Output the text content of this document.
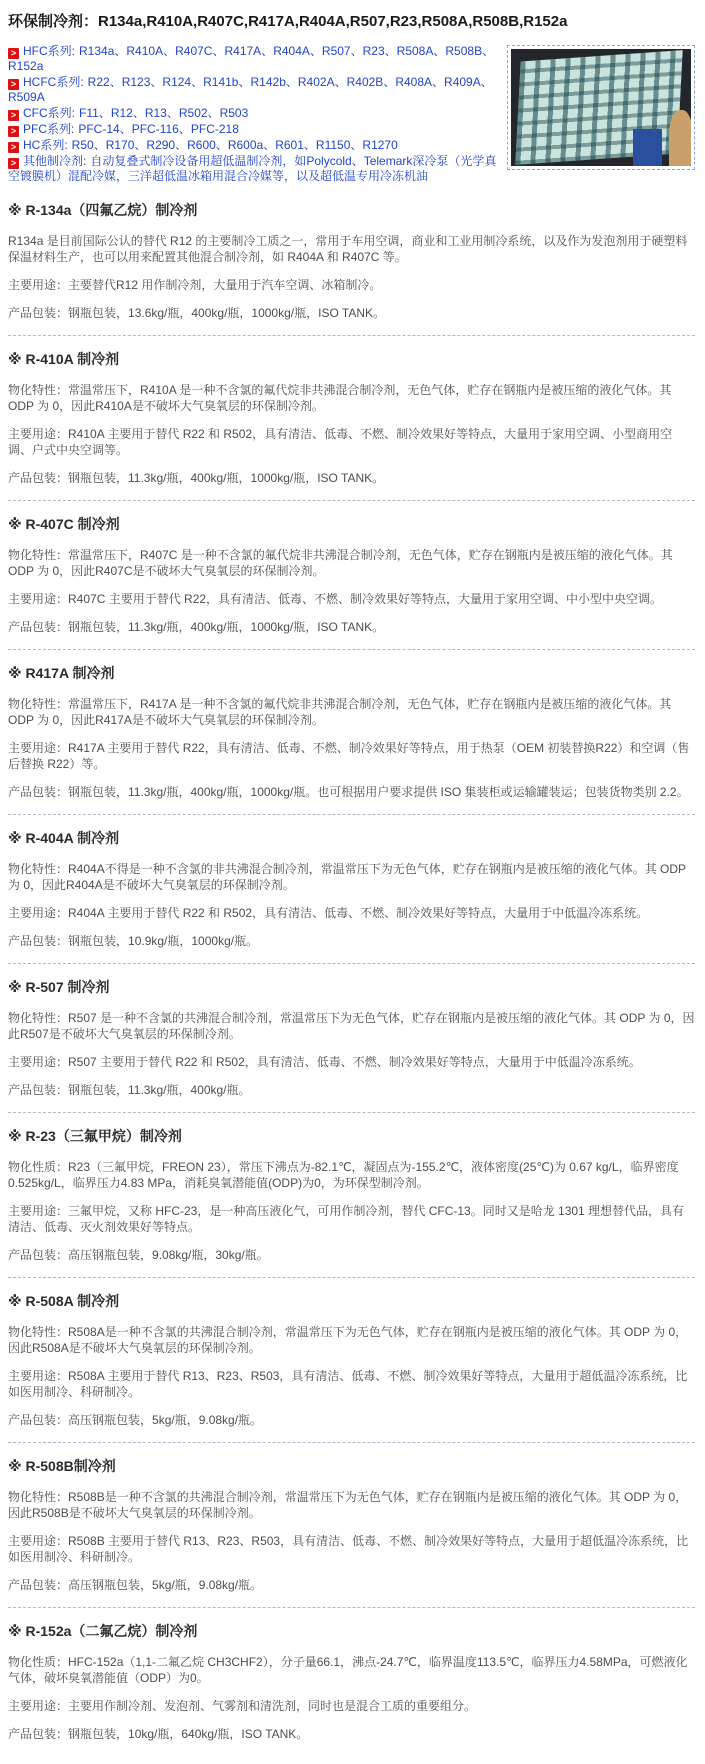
环保制冷剂：R134a,R410A,R407C,R417A,R404A,R507,R23,R508A,R508B,R152a
> HFC系列: R134a、R410A、R407C、R417A、R404A、R507、R23、R508A、R508B、R152a
> HCFC系列: R22、R123、R124、R141b、R142b、R402A、R402B、R408A、R409A、R509A
> CFC系列: F11、R12、R13、R502、R503
> PFC系列: PFC-14、PFC-116、PFC-218
> HC系列: R50、R170、R290、R600、R600a、R601、R1150、R1270
> 其他制冷剂: 自动复叠式制冷设备用超低温制冷剂，如Polycold、Telemark深冷泵（光学真空镀膜机）混配冷媒，三洋超低温冰箱用混合冷媒等，以及超低温专用冷冻机油
※ R-134a（四氟乙烷）制冷剂

R134a 是目前国际公认的替代 R12 的主要制冷工质之一，常用于车用空调，商业和工业用制冷系统，以及作为发泡剂用于硬塑料保温材料生产，也可以用来配置其他混合制冷剂，如 R404A 和 R407C 等。

主要用途：主要替代R12 用作制冷剂，大量用于汽车空调、冰箱制冷。

产品包装：钢瓶包装，13.6kg/瓶，400kg/瓶，1000kg/瓶，ISO TANK。

※ R-410A 制冷剂

物化特性：常温常压下，R410A 是一种不含氯的氟代烷非共沸混合制冷剂，无色气体，贮存在钢瓶内是被压缩的液化气体。其 ODP 为 0，因此R410A是不破坏大气臭氧层的环保制冷剂。

主要用途：R410A 主要用于替代 R22 和 R502，具有清洁、低毒、不燃、制冷效果好等特点，大量用于家用空调、小型商用空调、户式中央空调等。

产品包装：钢瓶包装，11.3kg/瓶，400kg/瓶，1000kg/瓶，ISO TANK。

※ R-407C 制冷剂

物化特性：常温常压下，R407C 是一种不含氯的氟代烷非共沸混合制冷剂，无色气体，贮存在钢瓶内是被压缩的液化气体。其 ODP 为 0，因此R407C是不破坏大气臭氧层的环保制冷剂。

主要用途：R407C 主要用于替代 R22，具有清洁、低毒、不燃、制冷效果好等特点，大量用于家用空调、中小型中央空调。

产品包装：钢瓶包装，11.3kg/瓶，400kg/瓶，1000kg/瓶，ISO TANK。

※ R417A 制冷剂

物化特性：常温常压下，R417A 是一种不含氯的氟代烷非共沸混合制冷剂，无色气体，贮存在钢瓶内是被压缩的液化气体。其 ODP 为 0，因此R417A是不破坏大气臭氧层的环保制冷剂。

主要用途：R417A 主要用于替代 R22，具有清洁、低毒、不燃、制冷效果好等特点，用于热泵（OEM 初装替换R22）和空调（售后替换 R22）等。

产品包装：钢瓶包装，11.3kg/瓶，400kg/瓶，1000kg/瓶。也可根据用户要求提供 ISO 集装柜或运输罐装运；包装货物类别 2.2。

※ R-404A 制冷剂

物化特性：R404A不得是一种不含氯的非共沸混合制冷剂，常温常压下为无色气体，贮存在钢瓶内是被压缩的液化气体。其 ODP 为 0，因此R404A是不破坏大气臭氧层的环保制冷剂。

主要用途：R404A 主要用于替代 R22 和 R502，具有清洁、低毒、不燃、制冷效果好等特点，大量用于中低温冷冻系统。

产品包装：钢瓶包装，10.9kg/瓶，1000kg/瓶。

※ R-507 制冷剂

物化特性：R507 是一种不含氯的共沸混合制冷剂，常温常压下为无色气体，贮存在钢瓶内是被压缩的液化气体。其 ODP 为 0，因此R507是不破坏大气臭氧层的环保制冷剂。

主要用途：R507 主要用于替代 R22 和 R502，具有清洁、低毒、不燃、制冷效果好等特点，大量用于中低温冷冻系统。

产品包装：钢瓶包装，11.3kg/瓶，400kg/瓶。

※ R-23（三氟甲烷）制冷剂

物化性质：R23（三氟甲烷，FREON 23），常压下沸点为-82.1℃，凝固点为-155.2℃，液体密度(25℃)为 0.67 kg/L，临界密度0.525kg/L，临界压力4.83 MPa，消耗臭氧潜能值(ODP)为0，为环保型制冷剂。

主要用途：三氟甲烷，又称 HFC-23，是一种高压液化气，可用作制冷剂，替代 CFC-13。同时又是哈龙 1301 理想替代品，具有清洁、低毒、灭火剂效果好等特点。

产品包装：高压钢瓶包装，9.08kg/瓶，30kg/瓶。

※ R-508A 制冷剂

物化特性：R508A是一种不含氯的共沸混合制冷剂，常温常压下为无色气体，贮存在钢瓶内是被压缩的液化气体。其 ODP 为 0，因此R508A是不破坏大气臭氧层的环保制冷剂。

主要用途：R508A 主要用于替代 R13、R23、R503，具有清洁、低毒、不燃、制冷效果好等特点，大量用于超低温冷冻系统，比如医用制冷、科研制冷。

产品包装：高压钢瓶包装，5kg/瓶，9.08kg/瓶。

※ R-508B制冷剂

物化特性：R508B是一种不含氯的共沸混合制冷剂，常温常压下为无色气体，贮存在钢瓶内是被压缩的液化气体。其 ODP 为 0，因此R508B是不破坏大气臭氧层的环保制冷剂。

主要用途：R508B 主要用于替代 R13、R23、R503，具有清洁、低毒、不燃、制冷效果好等特点，大量用于超低温冷冻系统，比如医用制冷、科研制冷。

产品包装：高压钢瓶包装，5kg/瓶，9.08kg/瓶。

※ R-152a（二氟乙烷）制冷剂

物化性质：HFC-152a（1,1-二氟乙烷 CH3CHF2），分子量66.1，沸点-24.7℃，临界温度113.5℃，临界压力4.58MPa，可燃液化气体，破坏臭氧潜能值（ODP）为0。

主要用途：主要用作制冷剂、发泡剂、气雾剂和清洗剂，同时也是混合工质的重要组分。

产品包装：钢瓶包装，10kg/瓶，640kg/瓶，ISO TANK。
